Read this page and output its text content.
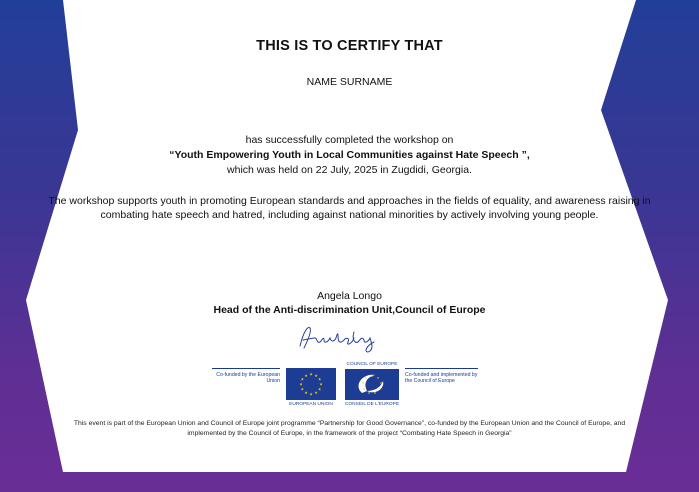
THIS IS TO CERTIFY THAT
NAME SURNAME
has successfully completed the workshop on
“Youth Empowering Youth in Local Communities against Hate Speech ”,
which was held on 22 July, 2025 in Zugdidi, Georgia.
The workshop supports youth in promoting European standards and approaches in the fields of equality, and awareness raising in combating hate speech and hatred, including against national minorities by actively involving young people.
Angela Longo
Head of the Anti-discrimination Unit,Council of Europe
Co-funded by the European Union
★ ★
★
★
★
★
★
★
★
★
★
★
EUROPEAN UNION
COUNCIL OF EUROPE
★ ★
★
★
★
★
★
★
★
CONSEIL DE L'EUROPE
Co-funded and implemented by the Council of Europe
This event is part of the European Union and Council of Europe joint programme “Partnership for Good Governance”, co-funded by the European Union and the Council of Europe, and implemented by the Council of Europe, in the framework of the project “Combating Hate Speech in Georgia”
